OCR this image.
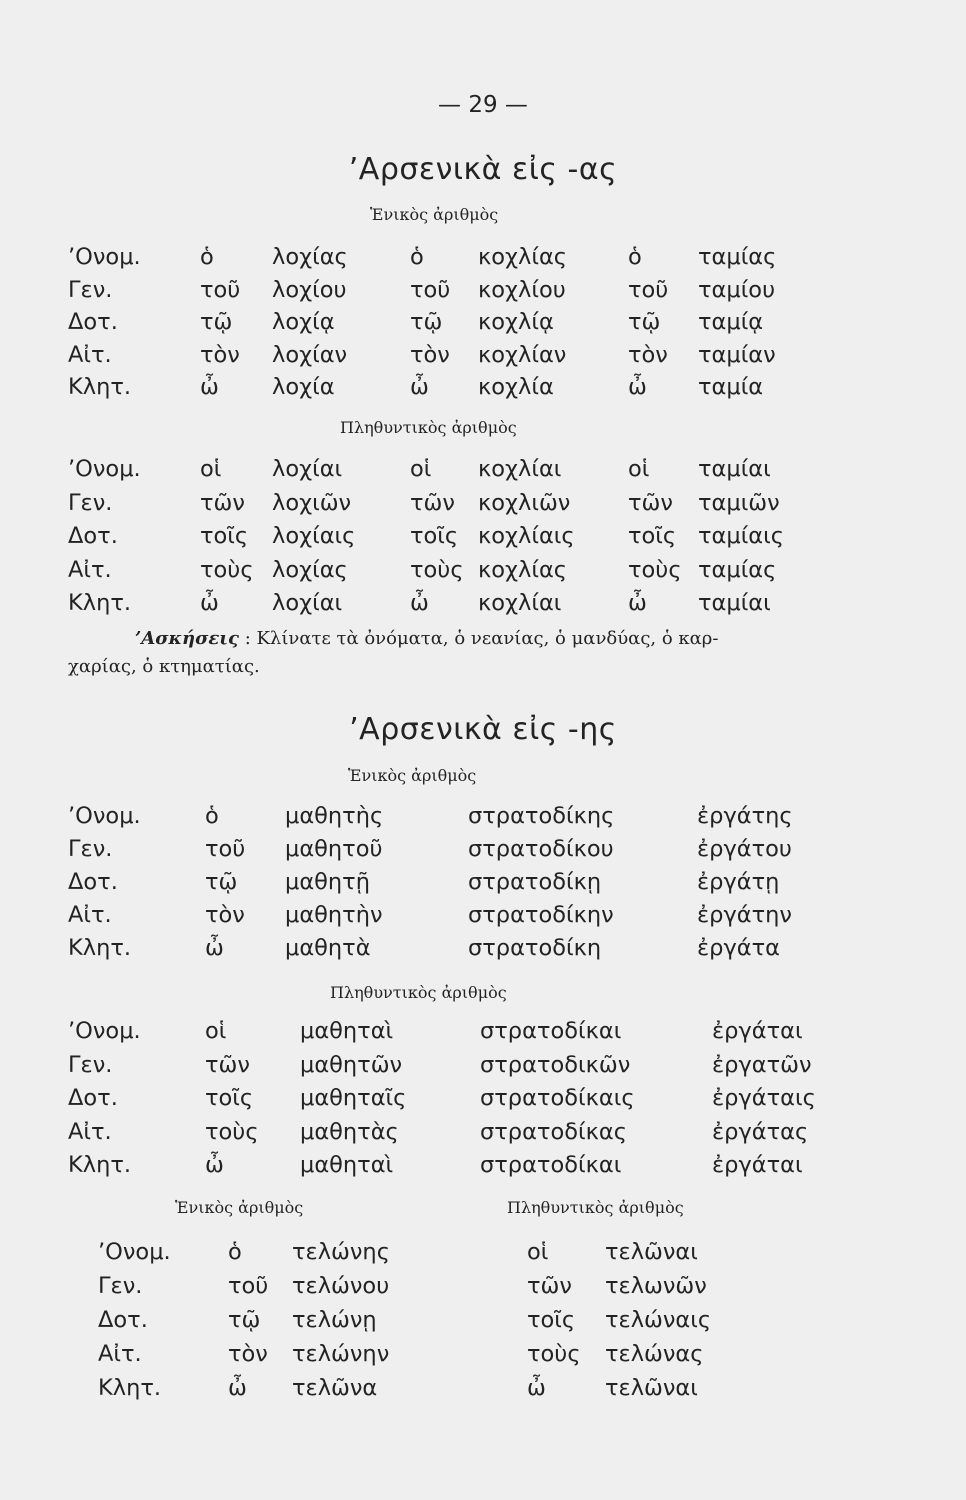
— 29 —
’Αρσενικὰ εἰς -ας
Ἑνικὸς ἀριθμὸς
’Ονομ.	ὁ	λοχίας	ὁ κοχλίας	ὁ ταμίας
Γεν.	τοῦ λοχίου	τοῦ κοχλίου	τοῦ ταμίου
Δοτ.	τῷ λοχίᾳ	τῷ κοχλίᾳ	τῷ ταμίᾳ
Αἰτ.	τὸν λοχίαν	τὸν κοχλίαν	τὸν ταμίαν
Κλητ.	ὦ λοχία	ὦ κοχλία	ὦ ταμία
Πληθυντικὸς ἀριθμὸς
’Ονομ.	οἱ λοχίαι	οἱ κοχλίαι	οἱ ταμίαι
Γεν.	τῶν λοχιῶν	τῶν κοχλιῶν	τῶν ταμιῶν
Δοτ.	τοῖς λοχίαις τοῖς κοχλίαις τοῖς ταμίαις
Αἰτ.	τοὺς λοχίας	τοὺς κοχλίας	τοὺς ταμίας
Κλητ.	ὦ λοχίαι	ὦ κοχλίαι	ὦ ταμίαι
’Ασκήσεις : Κλίνατε τὰ ὀνόματα, ὁ νεανίας, ὁ μανδύας, ὁ καρ-
χαρίας, ὁ κτηματίας.
’Αρσενικὰ εἰς -ης
Ἑνικὸς ἀριθμὸς
’Ονομ.	ὁ	μαθητὴς	στρατοδίκης	ἐργάτης
Γεν.	τοῦ μαθητοῦ	στρατοδίκου	ἐργάτου
Δοτ.	τῷ μαθητῇ	στρατοδίκῃ	ἐργάτῃ
Αἰτ.	τὸν μαθητὴν	στρατοδίκην	ἐργάτην
Κλητ.	ὦ	μαθητὰ	στρατοδίκη	ἐργάτα
Πληθυντικὸς ἀριθμὸς
’Ονομ.	οἱ	μαθηταὶ	στρατοδίκαι	ἐργάται
Γεν.	τῶν μαθητῶν	στρατοδικῶν	ἐργατῶν
Δοτ.	τοῖς μαθηταῖς	στρατοδίκαις	ἐργάταις
Αἰτ.	τοὺς μαθητὰς	στρατοδίκας	ἐργάτας
Κλητ.	ὦ	μαθηταὶ	στρατοδίκαι	ἐργάται
Ἑνικὸς ἀριθμὸς	Πληθυντικὸς ἀριθμὸς
’Ονομ.	ὁ τελώνης	οἱ	τελῶναι
Γεν.	τοῦ τελώνου	τῶν τελωνῶν
Δοτ.	τῷ τελώνῃ	τοῖς τελώναις
Αἰτ.	τὸν τελώνην	τοὺς τελώνας
Κλητ.	ὦ τελῶνα	ὦ	τελῶναι
